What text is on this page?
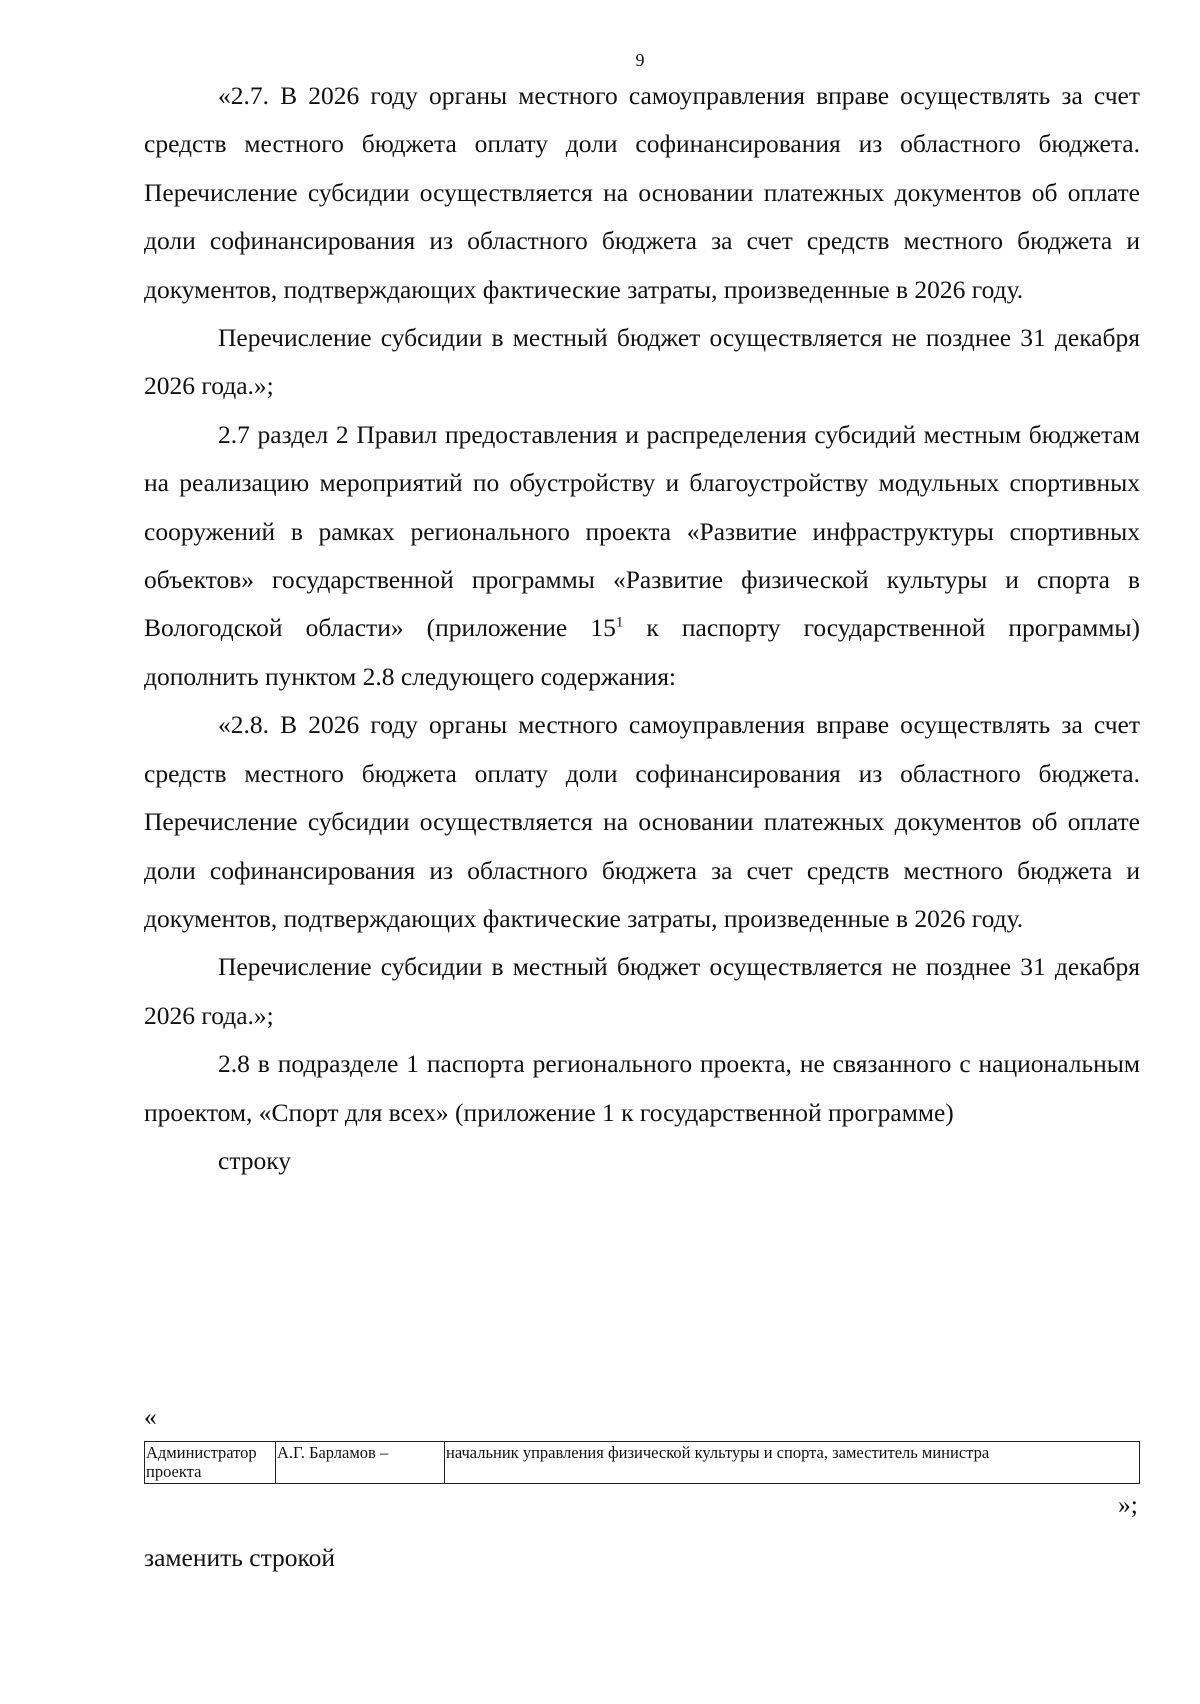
9

«2.7. В 2026 году органы местного самоуправления вправе осуществлять за счет средств местного бюджета оплату доли софинансирования из областного бюджета. Перечисление субсидии осуществляется на основании платежных документов об оплате доли софинансирования из областного бюджета за счет средств местного бюджета и документов, подтверждающих фактические затраты, произведенные в 2026 году.

Перечисление субсидии в местный бюджет осуществляется не позднее 31 декабря 2026 года.»;

2.7 раздел 2 Правил предоставления и распределения субсидий местным бюджетам на реализацию мероприятий по обустройству и благоустройству модульных спортивных сооружений в рамках регионального проекта «Развитие инфраструктуры спортивных объектов» государственной программы «Развитие физической культуры и спорта в Вологодской области» (приложение $15^1$ к паспорту государственной программы) дополнить пунктом 2.8 следующего содержания:

«2.8. В 2026 году органы местного самоуправления вправе осуществлять за счет средств местного бюджета оплату доли софинансирования из областного бюджета. Перечисление субсидии осуществляется на основании платежных документов об оплате доли софинансирования из областного бюджета за счет средств местного бюджета и документов, подтверждающих фактические затраты, произведенные в 2026 году.

Перечисление субсидии в местный бюджет осуществляется не позднее 31 декабря 2026 года.»;

2.8 в подразделе 1 паспорта регионального проекта, не связанного с национальным проектом, «Спорт для всех» (приложение 1 к государственной программе)

строку

«
Администратор проекта	А.Г. Барламов –	начальник управления физической культуры и спорта, заместитель министра
»;
заменить строкой
